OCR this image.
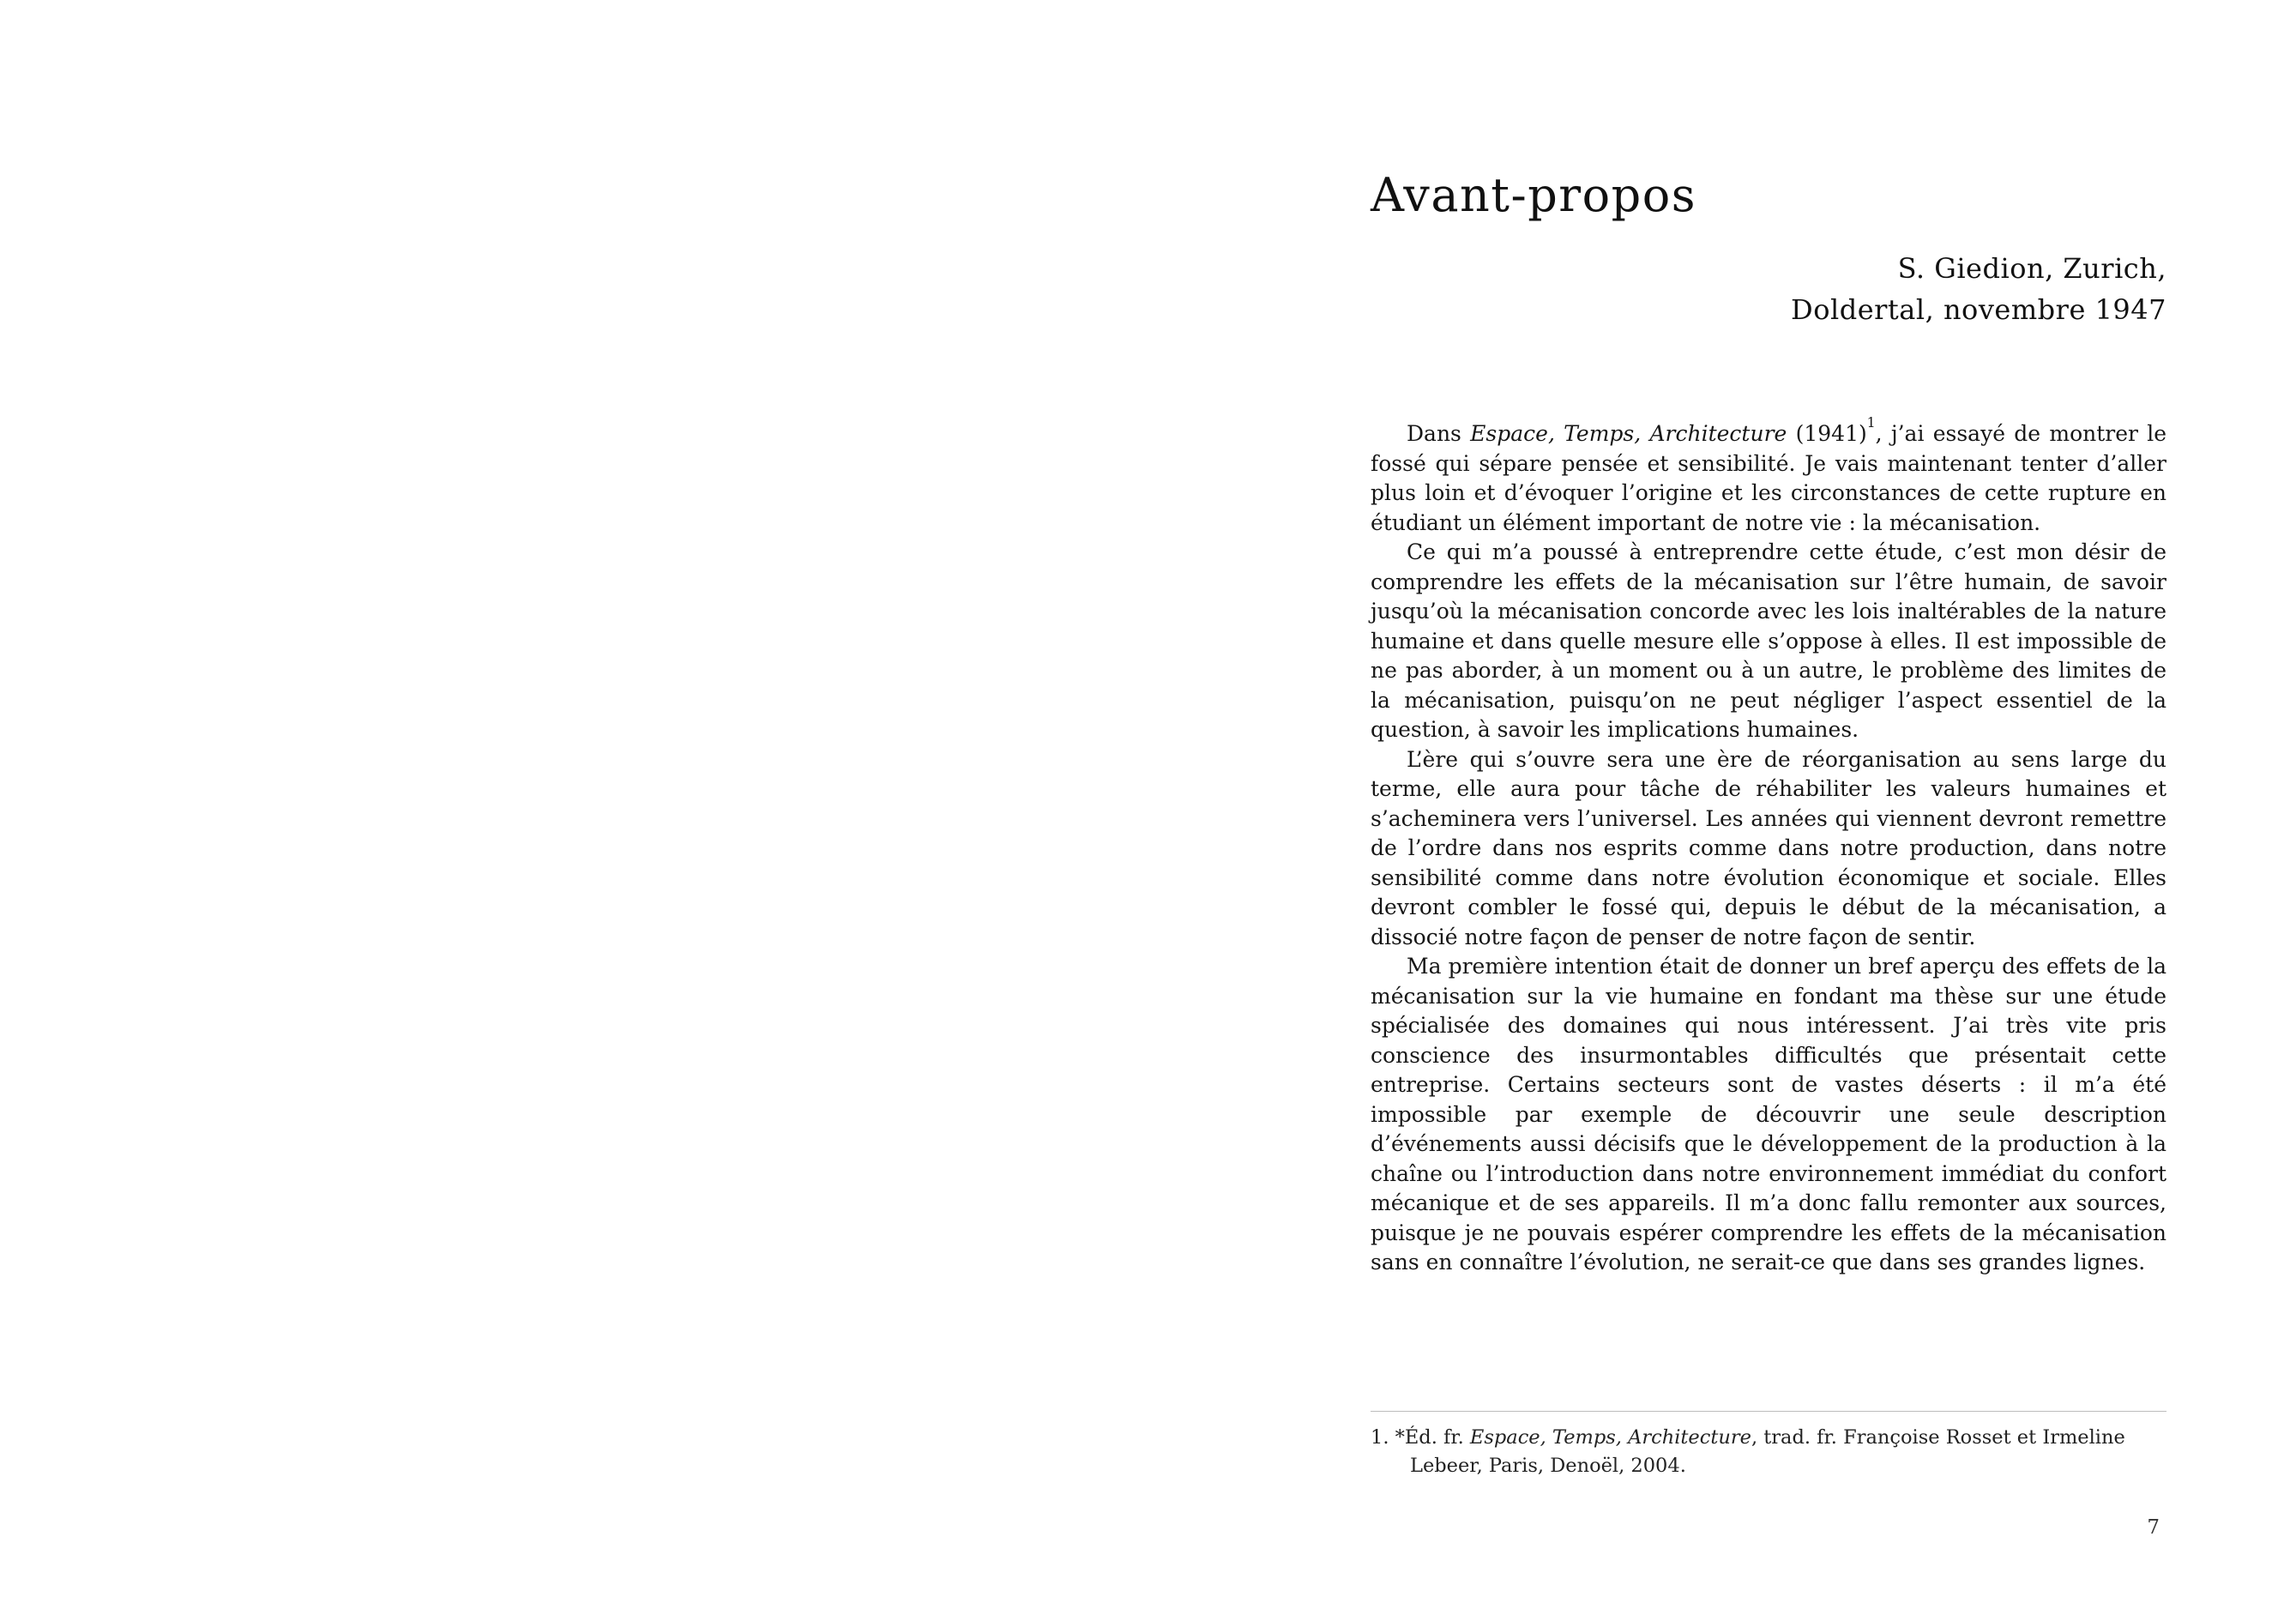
Avant-propos
S. Giedion, Zurich,
Doldertal, novembre 1947

Dans Espace, Temps, Architecture (1941)$^1$, j’ai essayé de montrer le fossé qui sépare pensée et sensibilité. Je vais maintenant tenter d’aller plus loin et d’évoquer l’origine et les circonstances de cette rupture en étudiant un élément important de notre vie : la mécanisation.

Ce qui m’a poussé à entreprendre cette étude, c’est mon désir de comprendre les effets de la mécanisation sur l’être humain, de savoir jusqu’où la mécanisation concorde avec les lois inaltérables de la nature humaine et dans quelle mesure elle s’oppose à elles. Il est impossible de ne pas aborder, à un moment ou à un autre, le problème des limites de la mécanisation, puisqu’on ne peut négliger l’aspect essentiel de la question, à savoir les implications humaines.

L’ère qui s’ouvre sera une ère de réorganisation au sens large du terme, elle aura pour tâche de réhabiliter les valeurs humaines et s’acheminera vers l’universel. Les années qui viennent devront remettre de l’ordre dans nos esprits comme dans notre production, dans notre sensibilité comme dans notre évolution économique et sociale. Elles devront combler le fossé qui, depuis le début de la mécanisation, a dissocié notre façon de penser de notre façon de sentir.

Ma première intention était de donner un bref aperçu des effets de la mécanisation sur la vie humaine en fondant ma thèse sur une étude spécialisée des domaines qui nous intéressent. J’ai très vite pris conscience des insurmontables difficultés que présentait cette entreprise. Certains secteurs sont de vastes déserts : il m’a été impossible par exemple de découvrir une seule description d’événements aussi décisifs que le développement de la production à la chaîne ou l’introduction dans notre environnement immédiat du confort mécanique et de ses appareils. Il m’a donc fallu remonter aux sources, puisque je ne pouvais espérer comprendre les effets de la mécanisation sans en connaître l’évolution, ne serait-ce que dans ses grandes lignes.

1. *Éd. fr. Espace, Temps, Architecture, trad. fr. Françoise Rosset et Irmeline Lebeer, Paris, Denoël, 2004.

7
